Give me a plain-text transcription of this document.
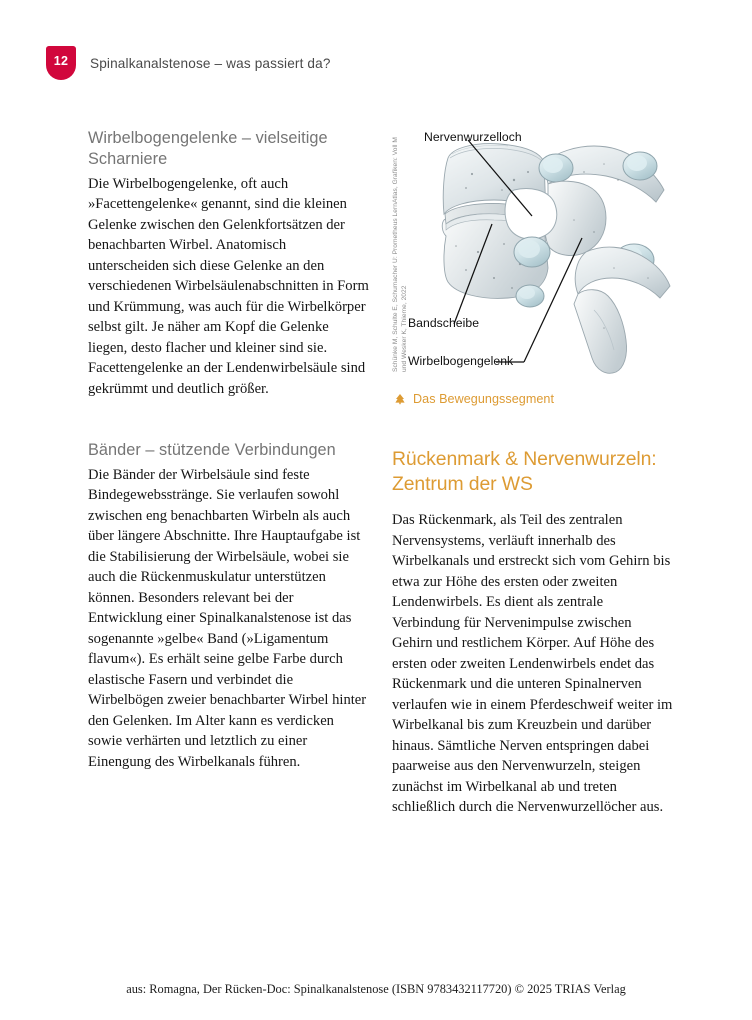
12	Spinalkanalstenose – was passiert da?
Wirbelbogengelenke – vielseitige Scharniere

Die Wirbelbogengelenke, oft auch »Facettengelenke« genannt, sind die kleinen Gelenke zwischen den Gelenkfortsätzen der benachbarten Wirbel. Anatomisch unterscheiden sich diese Gelenke an den verschiedenen Wirbelsäulenabschnitten in Form und Krümmung, was auch für die Wirbelkörper selbst gilt. Je näher am Kopf die Gelenke liegen, desto flacher und kleiner sind sie. Facettengelenke an der Lendenwirbelsäule sind gekrümmt und deutlich größer.

Bänder – stützende Verbindungen

Die Bänder der Wirbelsäule sind feste Bindegewebsstränge. Sie verlaufen sowohl zwischen eng benachbarten Wirbeln als auch über längere Abschnitte. Ihre Hauptaufgabe ist die Stabilisierung der Wirbelsäule, wobei sie auch die Rückenmuskulatur unterstützen können. Besonders relevant bei der Entwicklung einer Spinalkanalstenose ist das sogenannte »gelbe« Band (»Ligamentum flavum«). Es erhält seine gelbe Farbe durch elastische Fasern und verbindet die Wirbelbögen zweier benachbarter Wirbel hinter den Gelenken. Im Alter kann es verdicken sowie verhärten und letztlich zu einer Einengung des Wirbelkanals führen.

Schünke M, Schulte E, Schumacher U: Prometheus LernAtlas, Grafiken: Voll M und Wesker K, Thieme, 2022
Nervenwurzelloch
Bandscheibe
Wirbelbogengelenk
Das Bewegungssegment
Rückenmark & Nervenwurzeln: Zentrum der WS

Das Rückenmark, als Teil des zentralen Nervensystems, verläuft innerhalb des Wirbelkanals und erstreckt sich vom Gehirn bis etwa zur Höhe des ersten oder zweiten Lendenwirbels. Es dient als zentrale Verbindung für Nervenimpulse zwischen Gehirn und restlichem Körper. Auf Höhe des ersten oder zweiten Lendenwirbels endet das Rückenmark und die unteren Spinalnerven verlaufen wie in einem Pferdeschweif weiter im Wirbelkanal bis zum Kreuzbein und darüber hinaus. Sämtliche Nerven entspringen dabei paarweise aus den Nervenwurzeln, steigen zunächst im Wirbelkanal ab und treten schließlich durch die Nervenwurzellöcher aus.

aus: Romagna, Der Rücken-Doc: Spinalkanalstenose (ISBN 9783432117720) © 2025 TRIAS Verlag
